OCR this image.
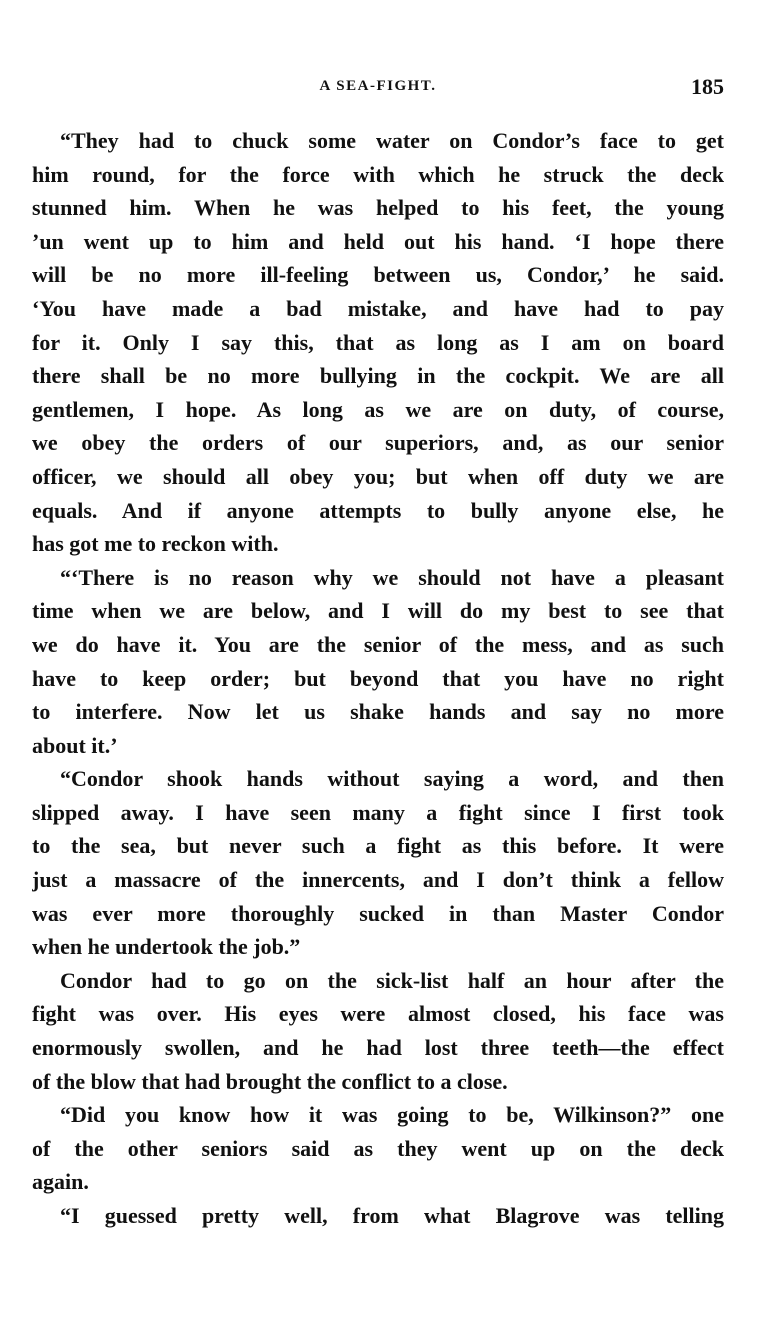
A SEA-FIGHT.	185
“They had to chuck some water on Condor’s face to get
him round, for the force with which he struck the deck
stunned him. When he was helped to his feet, the young
’un went up to him and held out his hand. ‘I hope there
will be no more ill-feeling between us, Condor,’ he said.
‘You have made a bad mistake, and have had to pay
for it. Only I say this, that as long as I am on board
there shall be no more bullying in the cockpit. We are all
gentlemen, I hope. As long as we are on duty, of course,
we obey the orders of our superiors, and, as our senior
officer, we should all obey you; but when off duty we are
equals. And if anyone attempts to bully anyone else, he
has got me to reckon with.
“‘There is no reason why we should not have a pleasant
time when we are below, and I will do my best to see that
we do have it. You are the senior of the mess, and as such
have to keep order; but beyond that you have no right
to interfere. Now let us shake hands and say no more
about it.’
“Condor shook hands without saying a word, and then
slipped away. I have seen many a fight since I first took
to the sea, but never such a fight as this before. It were
just a massacre of the innercents, and I don’t think a fellow
was ever more thoroughly sucked in than Master Condor
when he undertook the job.”
Condor had to go on the sick-list half an hour after the
fight was over. His eyes were almost closed, his face was
enormously swollen, and he had lost three teeth—the effect
of the blow that had brought the conflict to a close.
“Did you know how it was going to be, Wilkinson?” one
of the other seniors said as they went up on the deck
again.
“I guessed pretty well, from what Blagrove was telling
